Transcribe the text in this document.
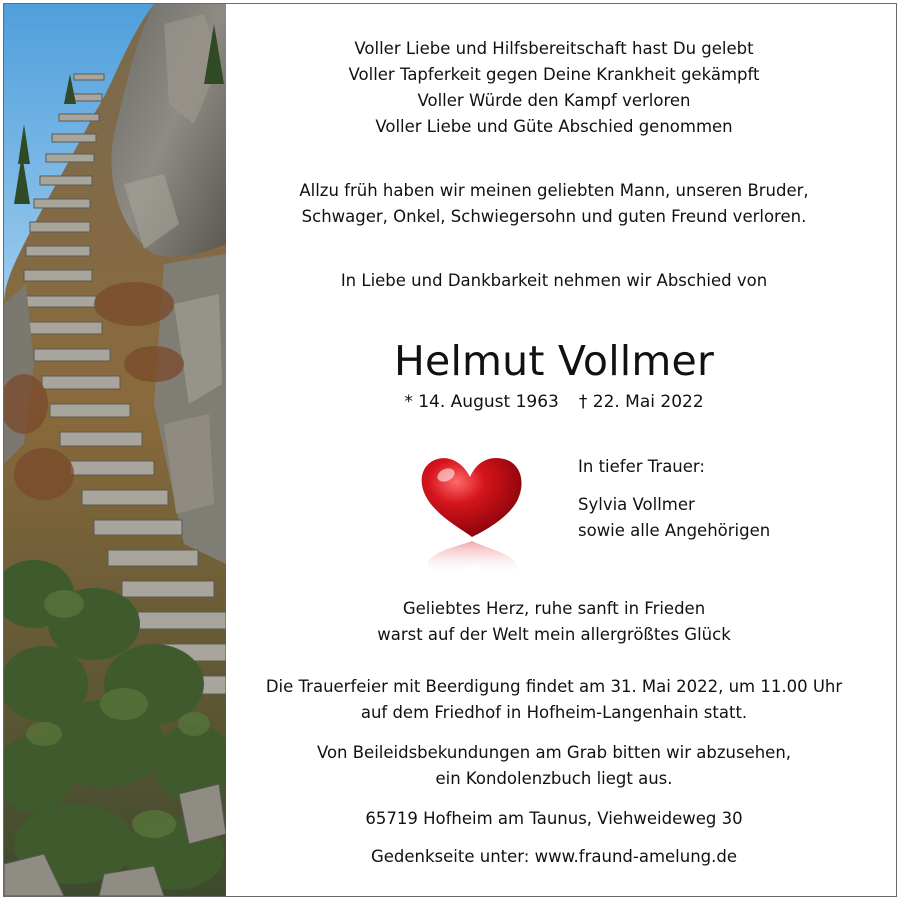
Voller Liebe und Hilfsbereitschaft hast Du gelebt
Voller Tapferkeit gegen Deine Krankheit gekämpft
Voller Würde den Kampf verloren
Voller Liebe und Güte Abschied genommen
Allzu früh haben wir meinen geliebten Mann, unseren Bruder,
Schwager, Onkel, Schwiegersohn und guten Freund verloren.
In Liebe und Dankbarkeit nehmen wir Abschied von
Helmut Vollmer
* 14. August 1963 † 22. Mai 2022
In tiefer Trauer:
Sylvia Vollmer
sowie alle Angehörigen
Geliebtes Herz, ruhe sanft in Frieden
warst auf der Welt mein allergrößtes Glück
Die Trauerfeier mit Beerdigung findet am 31. Mai 2022, um 11.00 Uhr
auf dem Friedhof in Hofheim-Langenhain statt.
Von Beileidsbekundungen am Grab bitten wir abzusehen,
ein Kondolenzbuch liegt aus.
65719 Hofheim am Taunus, Viehweideweg 30
Gedenkseite unter: www.fraund-amelung.de
